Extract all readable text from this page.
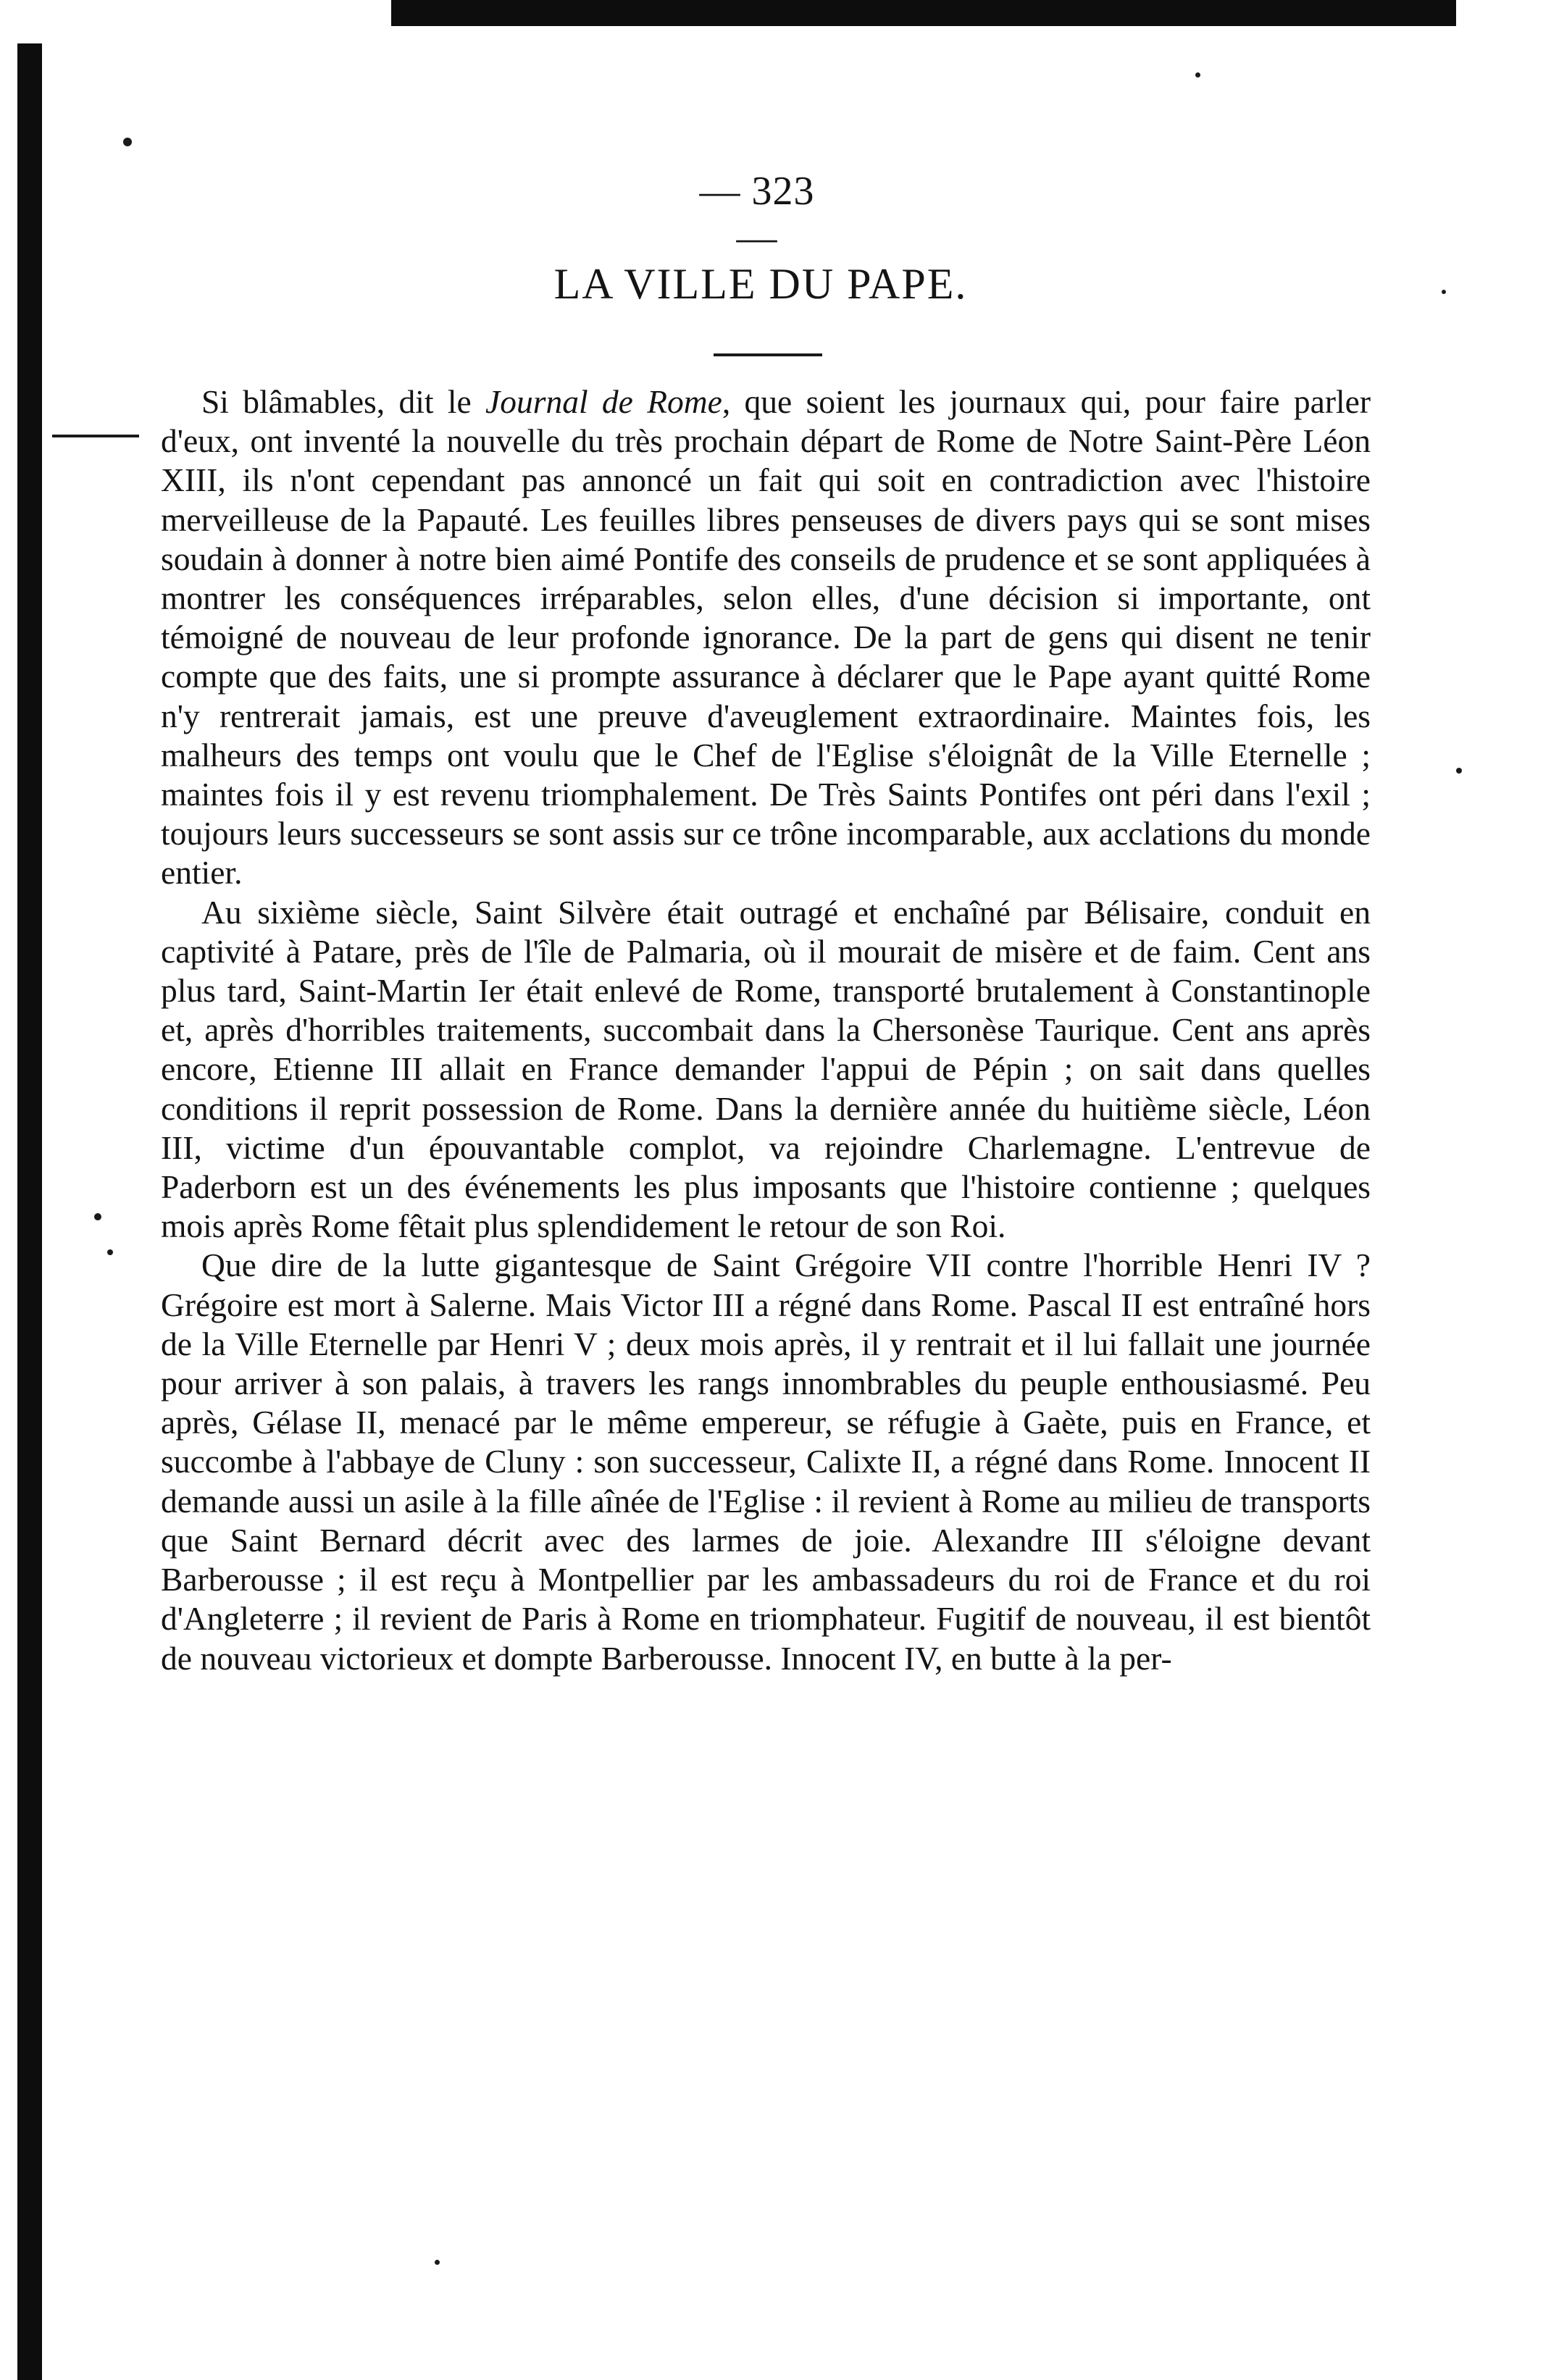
— 323 —
LA VILLE DU PAPE.

Si blâmables, dit le Journal de Rome, que soient les journaux qui, pour faire parler d'eux, ont inventé la nouvelle du très prochain départ de Rome de Notre Saint-Père Léon XIII, ils n'ont cependant pas annoncé un fait qui soit en contradiction avec l'histoire merveilleuse de la Papauté. Les feuilles libres penseuses de divers pays qui se sont mises soudain à donner à notre bien aimé Pontife des conseils de prudence et se sont appliquées à montrer les conséquences irréparables, selon elles, d'une décision si importante, ont témoigné de nouveau de leur profonde ignorance. De la part de gens qui disent ne tenir compte que des faits, une si prompte assurance à déclarer que le Pape ayant quitté Rome n'y rentrerait jamais, est une preuve d'aveuglement extraordinaire. Maintes fois, les malheurs des temps ont voulu que le Chef de l'Eglise s'éloignât de la Ville Eternelle ; maintes fois il y est revenu triomphalement. De Très Saints Pontifes ont péri dans l'exil ; toujours leurs successeurs se sont assis sur ce trône incomparable, aux acclations du monde entier.

Au sixième siècle, Saint Silvère était outragé et enchaîné par Bélisaire, conduit en captivité à Patare, près de l'île de Palmaria, où il mourait de misère et de faim. Cent ans plus tard, Saint-Martin Ier était enlevé de Rome, transporté brutalement à Constantinople et, après d'horribles traitements, succombait dans la Chersonèse Taurique. Cent ans après encore, Etienne III allait en France demander l'appui de Pépin ; on sait dans quelles conditions il reprit possession de Rome. Dans la dernière année du huitième siècle, Léon III, victime d'un épouvantable complot, va rejoindre Charlemagne. L'entrevue de Paderborn est un des événements les plus imposants que l'histoire contienne ; quelques mois après Rome fêtait plus splendidement le retour de son Roi.

Que dire de la lutte gigantesque de Saint Grégoire VII contre l'horrible Henri IV ? Grégoire est mort à Salerne. Mais Victor III a régné dans Rome. Pascal II est entraîné hors de la Ville Eternelle par Henri V ; deux mois après, il y rentrait et il lui fallait une journée pour arriver à son palais, à travers les rangs innombrables du peuple enthousiasmé. Peu après, Gélase II, menacé par le même empereur, se réfugie à Gaète, puis en France, et succombe à l'abbaye de Cluny : son successeur, Calixte II, a régné dans Rome. Innocent II demande aussi un asile à la fille aînée de l'Eglise : il revient à Rome au milieu de transports que Saint Bernard décrit avec des larmes de joie. Alexandre III s'éloigne devant Barberousse ; il est reçu à Montpellier par les ambassadeurs du roi de France et du roi d'Angleterre ; il revient de Paris à Rome en triomphateur. Fugitif de nouveau, il est bientôt de nouveau victorieux et dompte Barberousse. Innocent IV, en butte à la per-
